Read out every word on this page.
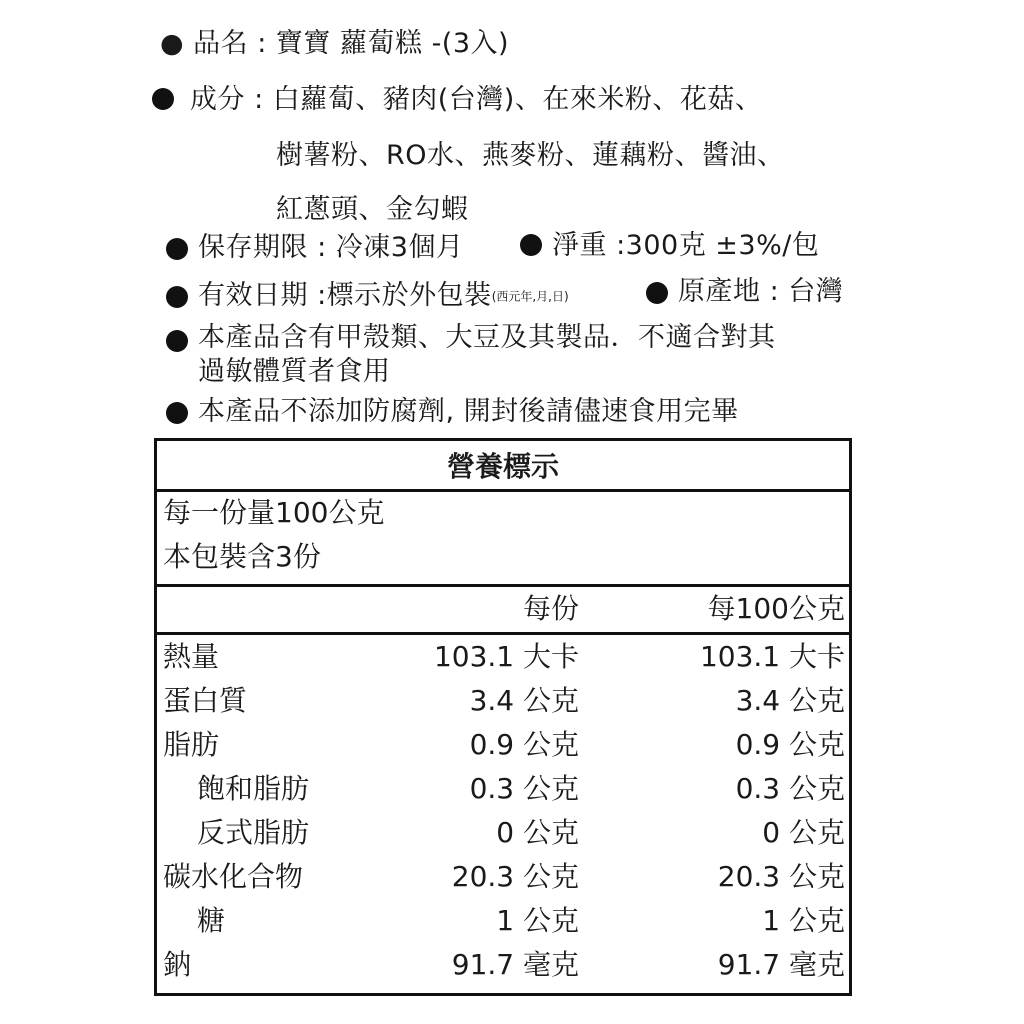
● 品名 : 寶寶 蘿蔔糕 -(3入)
成分 : 白蘿蔔、豬肉(台灣)、在來米粉、花菇、
樹薯粉、RO水、燕麥粉、蓮藕粉、醬油、
紅蔥頭、金勾蝦
保存期限 : 冷凍3個月	淨重 :300克 ±3%/包
有效日期 :標示於外包裝(西元年,月,日)	原產地 : 台灣
本產品含有甲殼類、大豆及其製品．不適合對其
過敏體質者食用
本產品不添加防腐劑, 開封後請儘速食用完畢
營養標示
每一份量100公克
本包裝含3份
每份	每100公克
熱量	103.1 大卡	103.1 大卡
蛋白質	3.4 公克	3.4 公克
脂肪	0.9 公克	0.9 公克
飽和脂肪	0.3 公克	0.3 公克
反式脂肪	0 公克	0 公克
碳水化合物	20.3 公克	20.3 公克
糖	1 公克	1 公克
鈉	91.7 毫克	91.7 毫克
